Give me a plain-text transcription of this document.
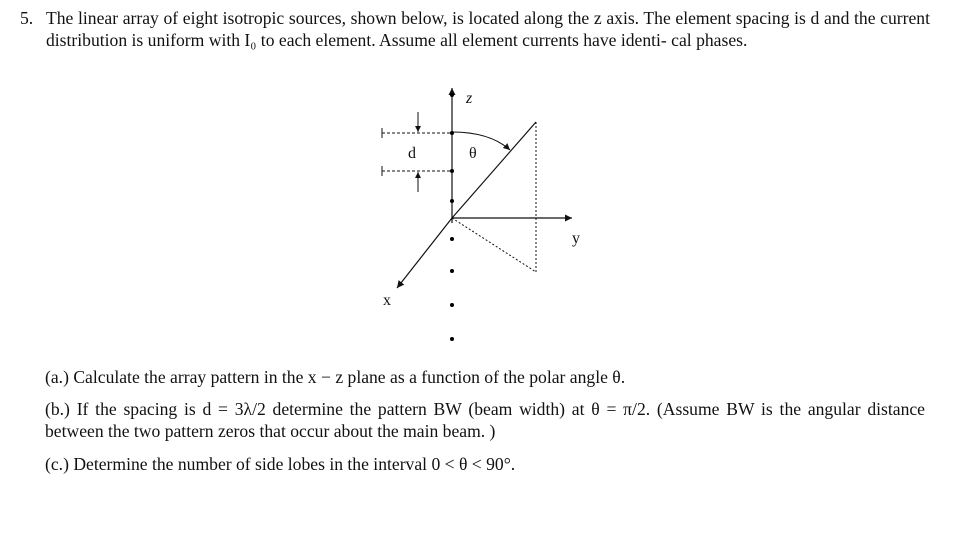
5. The linear array of eight isotropic sources, shown below, is located along the z axis. The element spacing is d and the current distribution is uniform with I₀ to each element. Assume all element currents have identi- cal phases.
z
d	θ
y
x
(a.) Calculate the array pattern in the x − z plane as a function of the polar angle θ.
(b.) If the spacing is d = 3λ/2 determine the pattern BW (beam width) at θ = π/2. (Assume BW is the angular distance between the two pattern zeros that occur about the main beam. )
(c.) Determine the number of side lobes in the interval 0 < θ < 90°.
